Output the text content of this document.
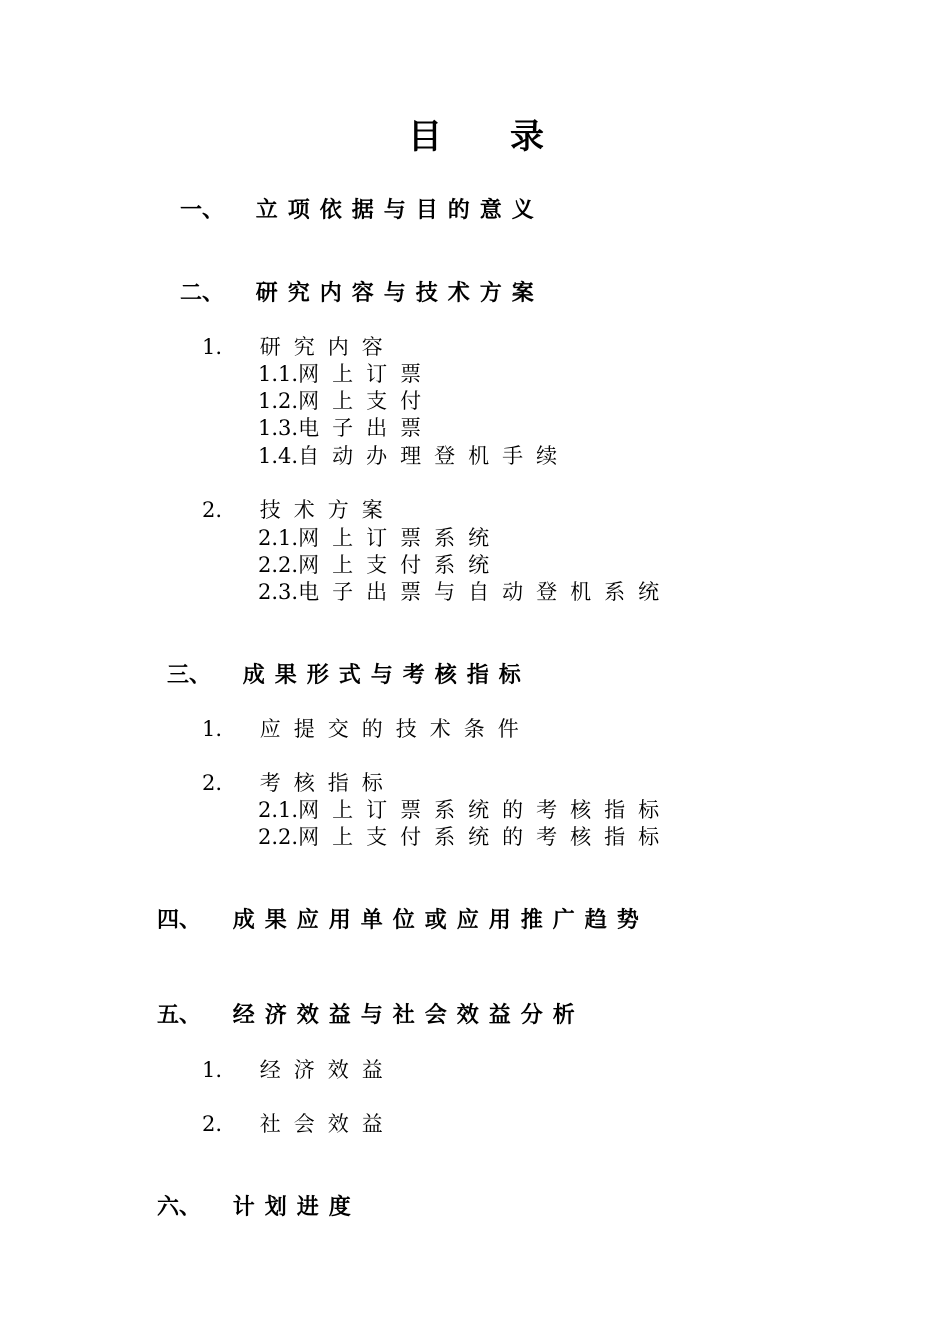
目 录
一、 立项依据与目的意义
二、 研究内容与技术方案
1. 研究内容
1.1.网上订票
1.2.网上支付
1.3.电子出票
1.4.自动办理登机手续
2. 技术方案
2.1.网上订票系统
2.2.网上支付系统
2.3.电子出票与自动登机系统
三、 成果形式与考核指标
1. 应提交的技术条件
2. 考核指标
2.1.网上订票系统的考核指标
2.2.网上支付系统的考核指标
四、 成果应用单位或应用推广趋势
五、 经济效益与社会效益分析
1. 经济效益
2. 社会效益
六、 计划进度
